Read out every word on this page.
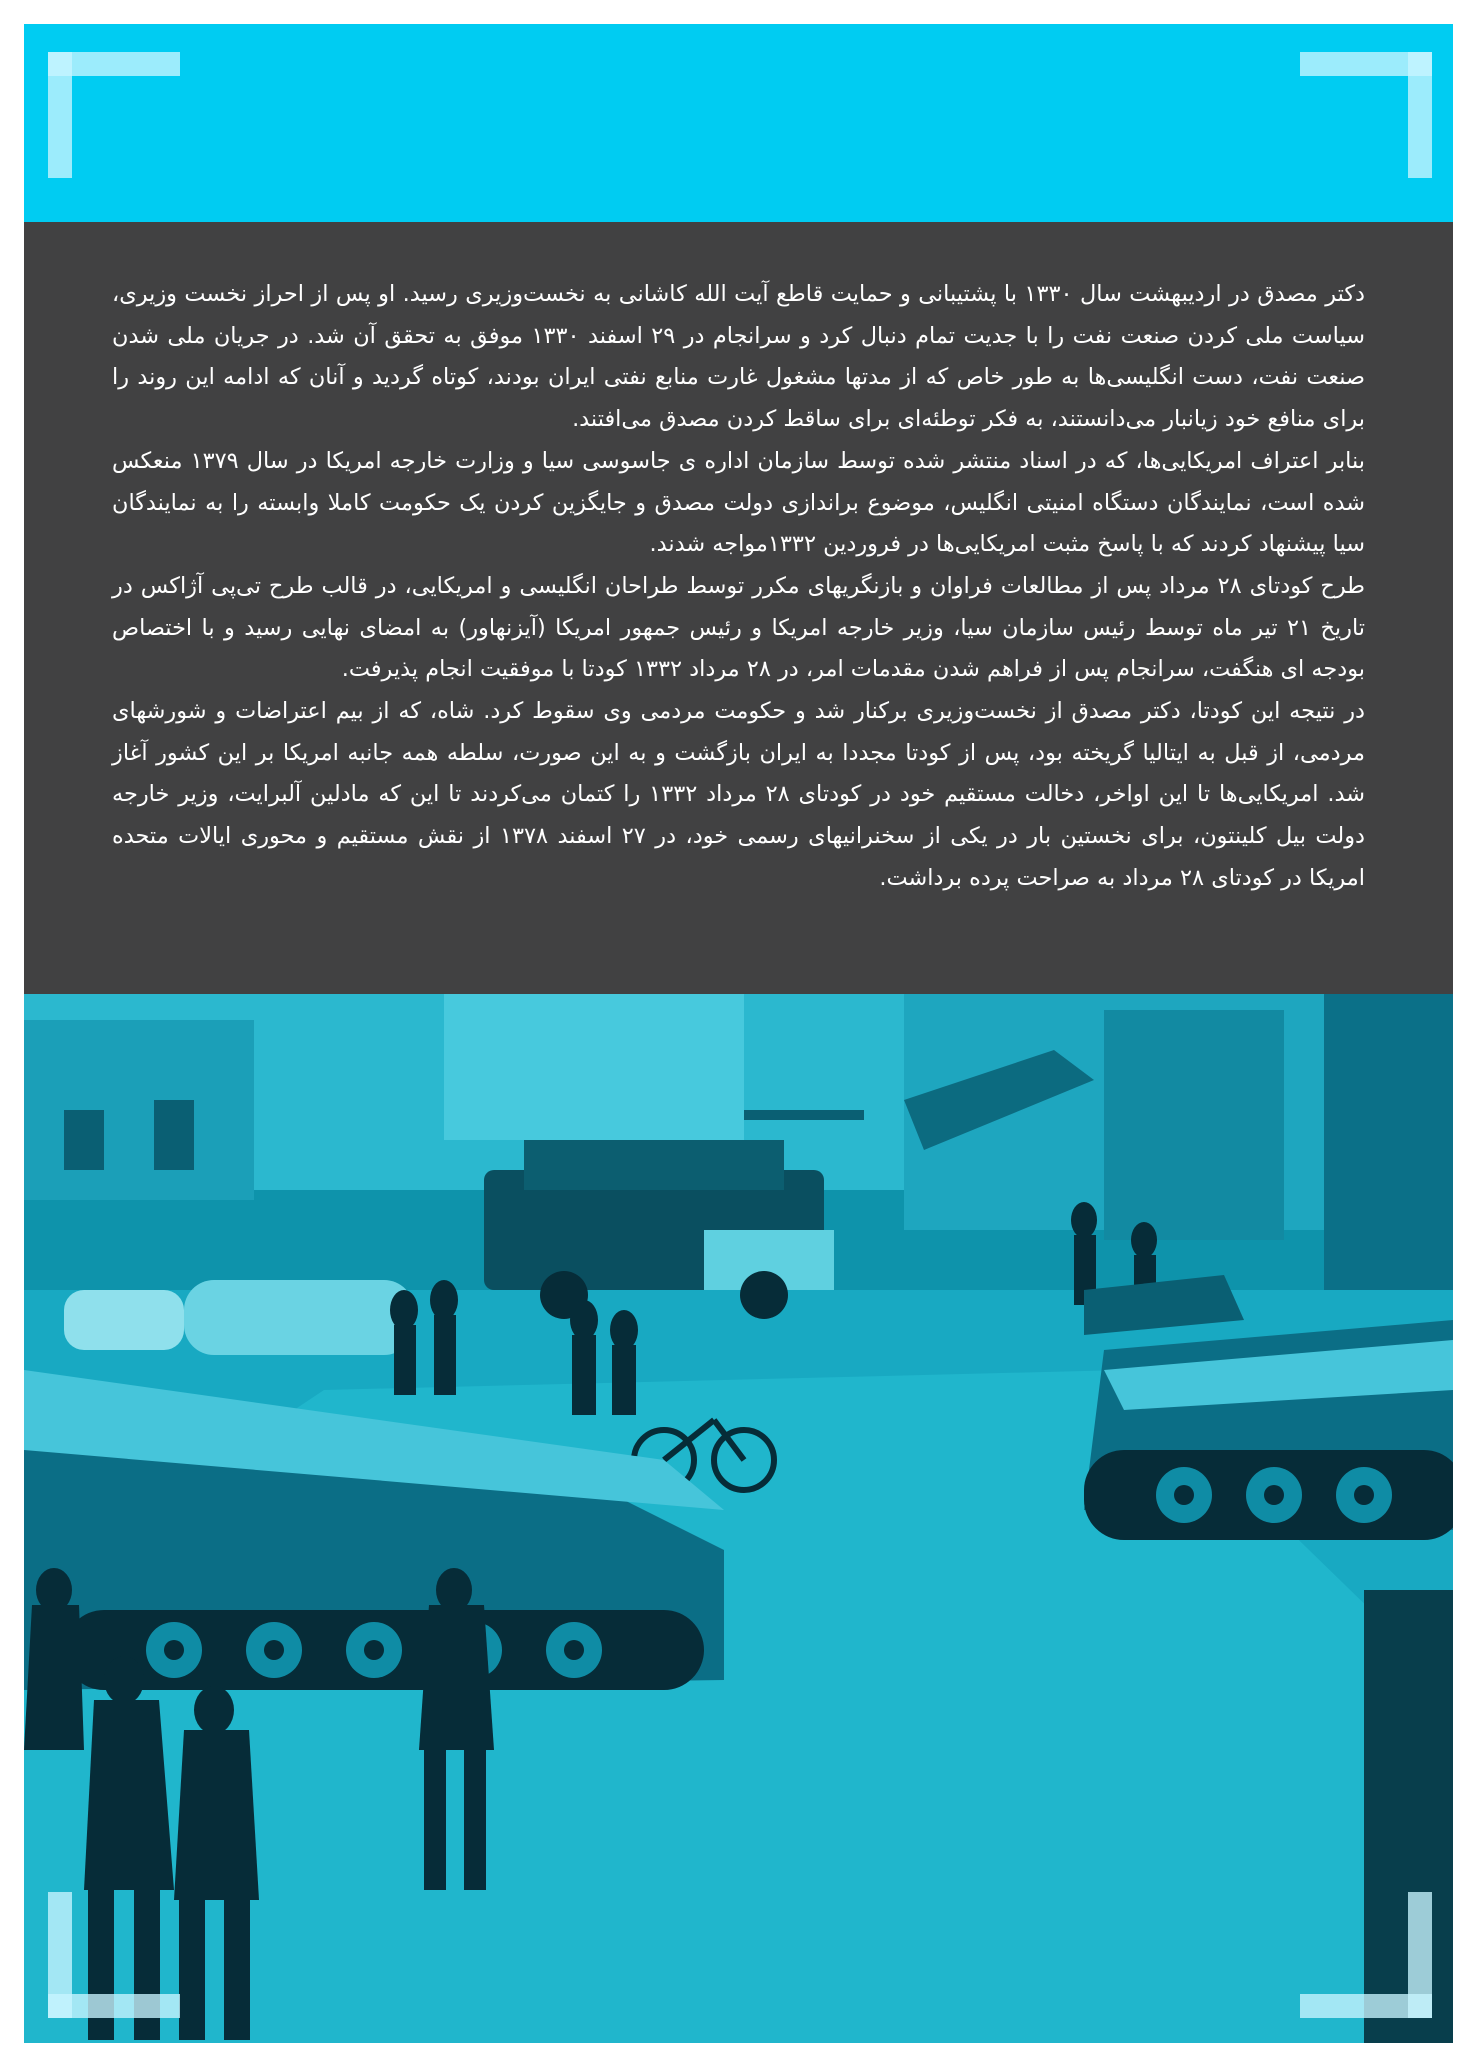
دکتر مصدق در اردیبهشت سال ۱۳۳۰ با پشتیبانی و حمایت قاطع آیت الله کاشانی به نخست‌وزیری رسید. او پس از احراز نخست وزیری، سیاست ملی کردن صنعت نفت را با جدیت تمام دنبال کرد و سرانجام در ۲۹ اسفند ۱۳۳۰ موفق به تحقق آن شد. در جریان ملی شدن صنعت نفت، دست انگلیسی‌ها به طور خاص که از مدتها مشغول غارت منابع نفتی ایران بودند، کوتاه گردید و آنان که ادامه این روند را برای منافع خود زیانبار می‌دانستند، به فکر توطئه‌ای برای ساقط کردن مصدق می‌افتند.

بنابر اعتراف امریکایی‌ها، که در اسناد منتشر شده توسط سازمان اداره ی جاسوسی سیا و وزارت خارجه امریکا در سال ۱۳۷۹ منعکس شده است، نمایندگان دستگاه امنیتی انگلیس، موضوع براندازی دولت مصدق و جایگزین کردن یک حکومت کاملا وابسته را به نمایندگان سیا پیشنهاد کردند که با پاسخ مثبت امریکایی‌ها در فروردین ۱۳۳۲مواجه شدند.

طرح کودتای ۲۸ مرداد پس از مطالعات فراوان و بازنگریهای مکرر توسط طراحان انگلیسی و امریکایی، در قالب طرح تی‌پی آژاکس در تاریخ ۲۱ تیر ماه توسط رئیس سازمان سیا، وزیر خارجه امریکا و رئیس جمهور امریکا (آیزنهاور) به امضای نهایی رسید و با اختصاص بودجه ای هنگفت، سرانجام پس از فراهم شدن مقدمات امر، در ۲۸ مرداد ۱۳۳۲ کودتا با موفقیت انجام پذیرفت.

در نتیجه این کودتا، دکتر مصدق از نخست‌وزیری برکنار شد و حکومت مردمی وی سقوط کرد. شاه، که از بیم اعتراضات و شورشهای مردمی، از قبل به ایتالیا گریخته بود، پس از کودتا مجددا به ایران بازگشت و به این صورت، سلطه همه جانبه امریکا بر این کشور آغاز شد. امریکایی‌ها تا این اواخر، دخالت مستقیم خود در کودتای ۲۸ مرداد ۱۳۳۲ را کتمان می‌کردند تا این که مادلین آلبرایت، وزیر خارجه دولت بیل کلینتون، برای نخستین بار در یکی از سخنرانیهای رسمی خود، در ۲۷ اسفند ۱۳۷۸ از نقش مستقیم و محوری ایالات متحده امریکا در کودتای ۲۸ مرداد به صراحت پرده برداشت.
